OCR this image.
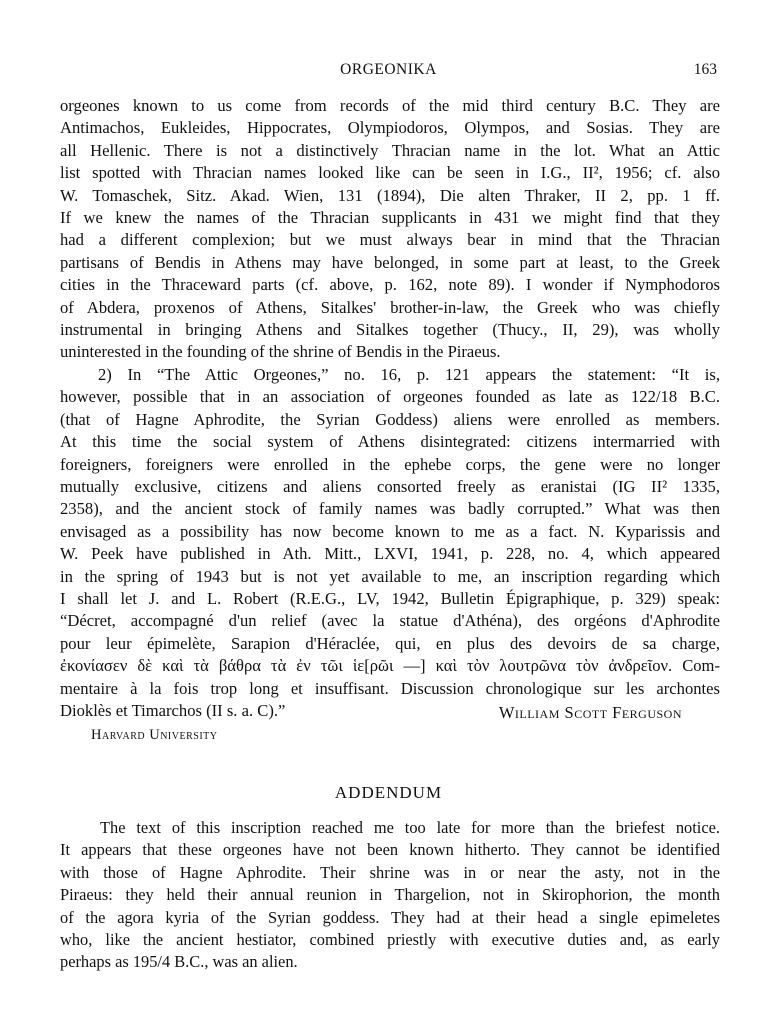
ORGEONIKA	163
orgeones known to us come from records of the mid third century B.C. They are
Antimachos, Eukleides, Hippocrates, Olympiodoros, Olympos, and Sosias. They are
all Hellenic. There is not a distinctively Thracian name in the lot. What an Attic
list spotted with Thracian names looked like can be seen in I.G., II², 1956; cf. also
W. Tomaschek, Sitz. Akad. Wien, 131 (1894), Die alten Thraker, II 2, pp. 1 ff.
If we knew the names of the Thracian supplicants in 431 we might find that they
had a different complexion; but we must always bear in mind that the Thracian
partisans of Bendis in Athens may have belonged, in some part at least, to the Greek
cities in the Thraceward parts (cf. above, p. 162, note 89). I wonder if Nymphodoros
of Abdera, proxenos of Athens, Sitalkes' brother-in-law, the Greek who was chiefly
instrumental in bringing Athens and Sitalkes together (Thucy., II, 29), was wholly
uninterested in the founding of the shrine of Bendis in the Piraeus.
2) In “The Attic Orgeones,” no. 16, p. 121 appears the statement: “It is,
however, possible that in an association of orgeones founded as late as 122/18 B.C.
(that of Hagne Aphrodite, the Syrian Goddess) aliens were enrolled as members.
At this time the social system of Athens disintegrated: citizens intermarried with
foreigners, foreigners were enrolled in the ephebe corps, the gene were no longer
mutually exclusive, citizens and aliens consorted freely as eranistai (IG II² 1335,
2358), and the ancient stock of family names was badly corrupted.” What was then
envisaged as a possibility has now become known to me as a fact. N. Kyparissis and
W. Peek have published in Ath. Mitt., LXVI, 1941, p. 228, no. 4, which appeared
in the spring of 1943 but is not yet available to me, an inscription regarding which
I shall let J. and L. Robert (R.E.G., LV, 1942, Bulletin Épigraphique, p. 329) speak:
“Décret, accompagné d'un relief (avec la statue d'Athéna), des orgéons d'Aphrodite
pour leur épimelète, Sarapion d'Héraclée, qui, en plus des devoirs de sa charge,
ἐκονίασεν δὲ καὶ τὰ βάθρα τὰ ἐν τῶι ἱε[ρῶι ––] καὶ τὸν λουτρῶνα τὸν ἀνδρεῖον. Com-
mentaire à la fois trop long et insuffisant. Discussion chronologique sur les archontes
Dioklès et Timarchos (II s. a. C).”	William Scott Ferguson
Harvard University
ADDENDUM
The text of this inscription reached me too late for more than the briefest notice.
It appears that these orgeones have not been known hitherto. They cannot be identified
with those of Hagne Aphrodite. Their shrine was in or near the asty, not in the
Piraeus: they held their annual reunion in Thargelion, not in Skirophorion, the month
of the agora kyria of the Syrian goddess. They had at their head a single epimeletes
who, like the ancient hestiator, combined priestly with executive duties and, as early
perhaps as 195/4 B.C., was an alien.
